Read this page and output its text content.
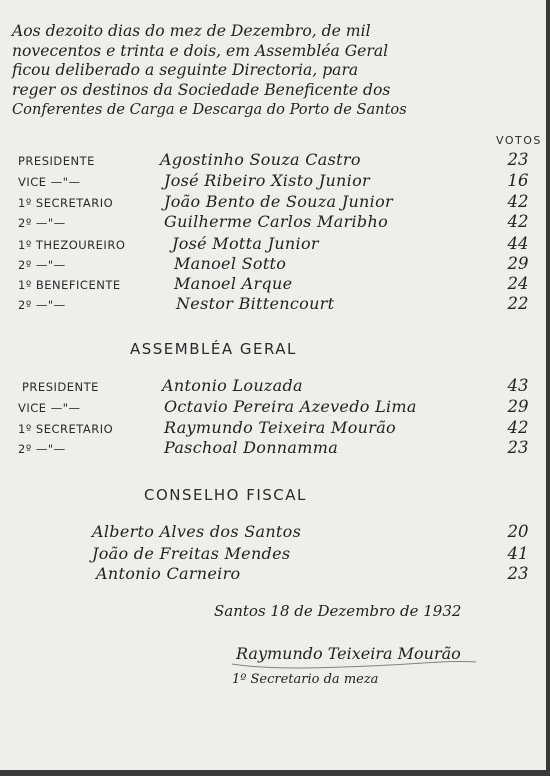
Aos dezoito dias do mez de Dezembro, de mil

novecentos e trinta e dois, em Assembléa Geral

ficou deliberado a seguinte Directoria, para

reger os destinos da Sociedade Beneficente dos

Conferentes de Carga e Descarga do Porto de Santos

VOTOS
PRESIDENTE	Agostinho Souza Castro	23
VICE —"—	José Ribeiro Xisto Junior	16
1º SECRETARIO	João Bento de Souza Junior	42
2º —"—	Guilherme Carlos Maribho	42
1º THEZOUREIRO	José Motta Junior	44
2º —"—	Manoel Sotto	29
1º BENEFICENTE	Manoel Arque	24
2º —"—	Nestor Bittencourt	22
ASSEMBLÉA GERAL
PRESIDENTE	Antonio Louzada	43
VICE —"—	Octavio Pereira Azevedo Lima	29
1º SECRETARIO	Raymundo Teixeira Mourão	42
2º —"—	Paschoal Donnamma	23
CONSELHO FISCAL
Alberto Alves dos Santos	20
João de Freitas Mendes	41
Antonio Carneiro	23
Santos 18 de Dezembro de 1932
Raymundo Teixeira Mourão
1º Secretario da meza
